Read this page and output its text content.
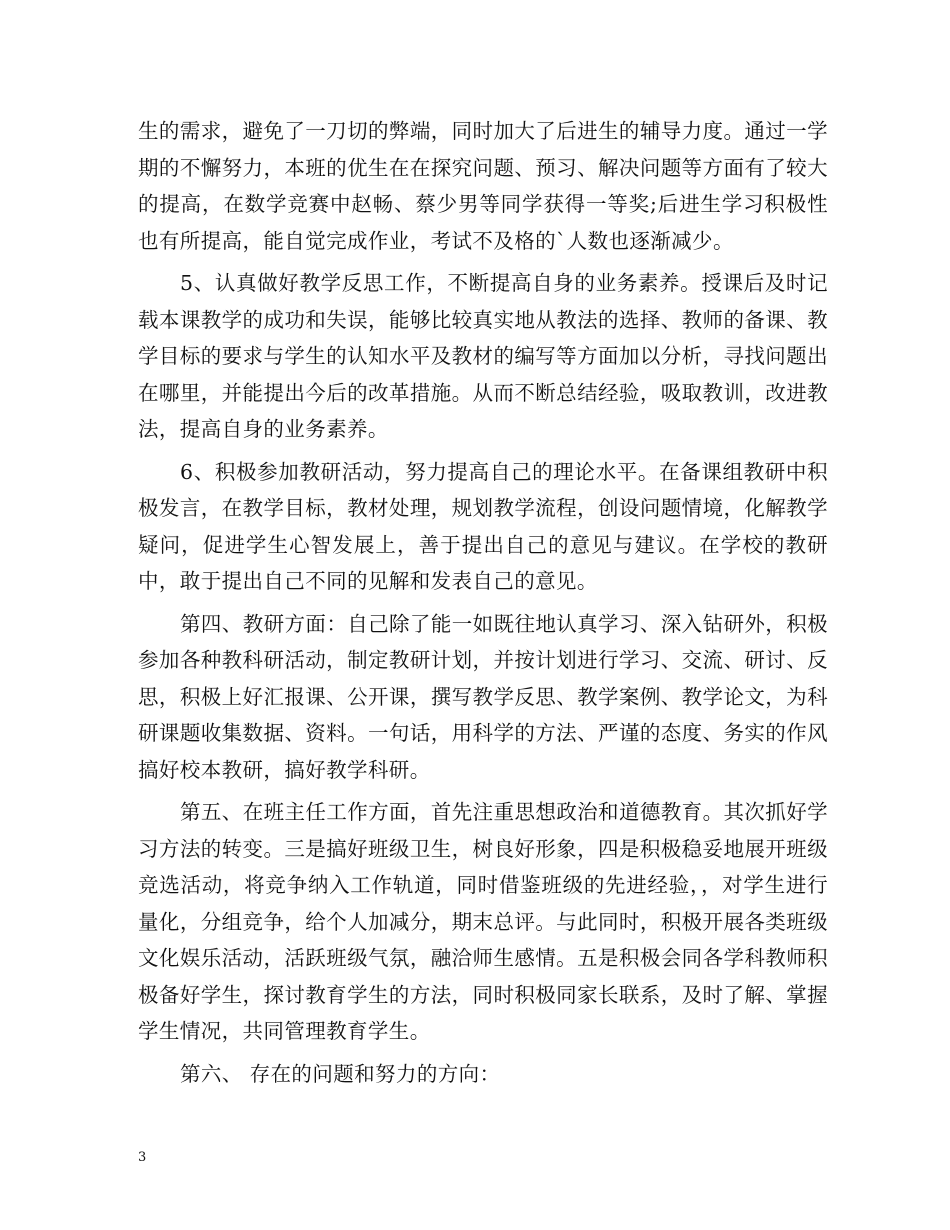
生的需求，避免了一刀切的弊端，同时加大了后进生的辅导力度。通过一学期的不懈努力，本班的优生在在探究问题、预习、解决问题等方面有了较大的提高，在数学竞赛中赵畅、蔡少男等同学获得一等奖;后进生学习积极性也有所提高，能自觉完成作业，考试不及格的`人数也逐渐减少。

5、认真做好教学反思工作，不断提高自身的业务素养。授课后及时记载本课教学的成功和失误，能够比较真实地从教法的选择、教师的备课、教学目标的要求与学生的认知水平及教材的编写等方面加以分析，寻找问题出在哪里，并能提出今后的改革措施。从而不断总结经验，吸取教训，改进教法，提高自身的业务素养。

6、积极参加教研活动，努力提高自己的理论水平。在备课组教研中积极发言，在教学目标，教材处理，规划教学流程，创设问题情境，化解教学疑问，促进学生心智发展上，善于提出自己的意见与建议。在学校的教研中，敢于提出自己不同的见解和发表自己的意见。

第四、教研方面：自己除了能一如既往地认真学习、深入钻研外，积极参加各种教科研活动，制定教研计划，并按计划进行学习、交流、研讨、反思，积极上好汇报课、公开课，撰写教学反思、教学案例、教学论文，为科研课题收集数据、资料。一句话，用科学的方法、严谨的态度、务实的作风搞好校本教研，搞好教学科研。

第五、在班主任工作方面，首先注重思想政治和道德教育。其次抓好学习方法的转变。三是搞好班级卫生，树良好形象，四是积极稳妥地展开班级竞选活动，将竞争纳入工作轨道，同时借鉴班级的先进经验，，对学生进行量化，分组竞争，给个人加减分，期末总评。与此同时，积极开展各类班级文化娱乐活动，活跃班级气氛，融洽师生感情。五是积极会同各学科教师积极备好学生，探讨教育学生的方法，同时积极同家长联系，及时了解、掌握学生情况，共同管理教育学生。

第六、 存在的问题和努力的方向：

3
